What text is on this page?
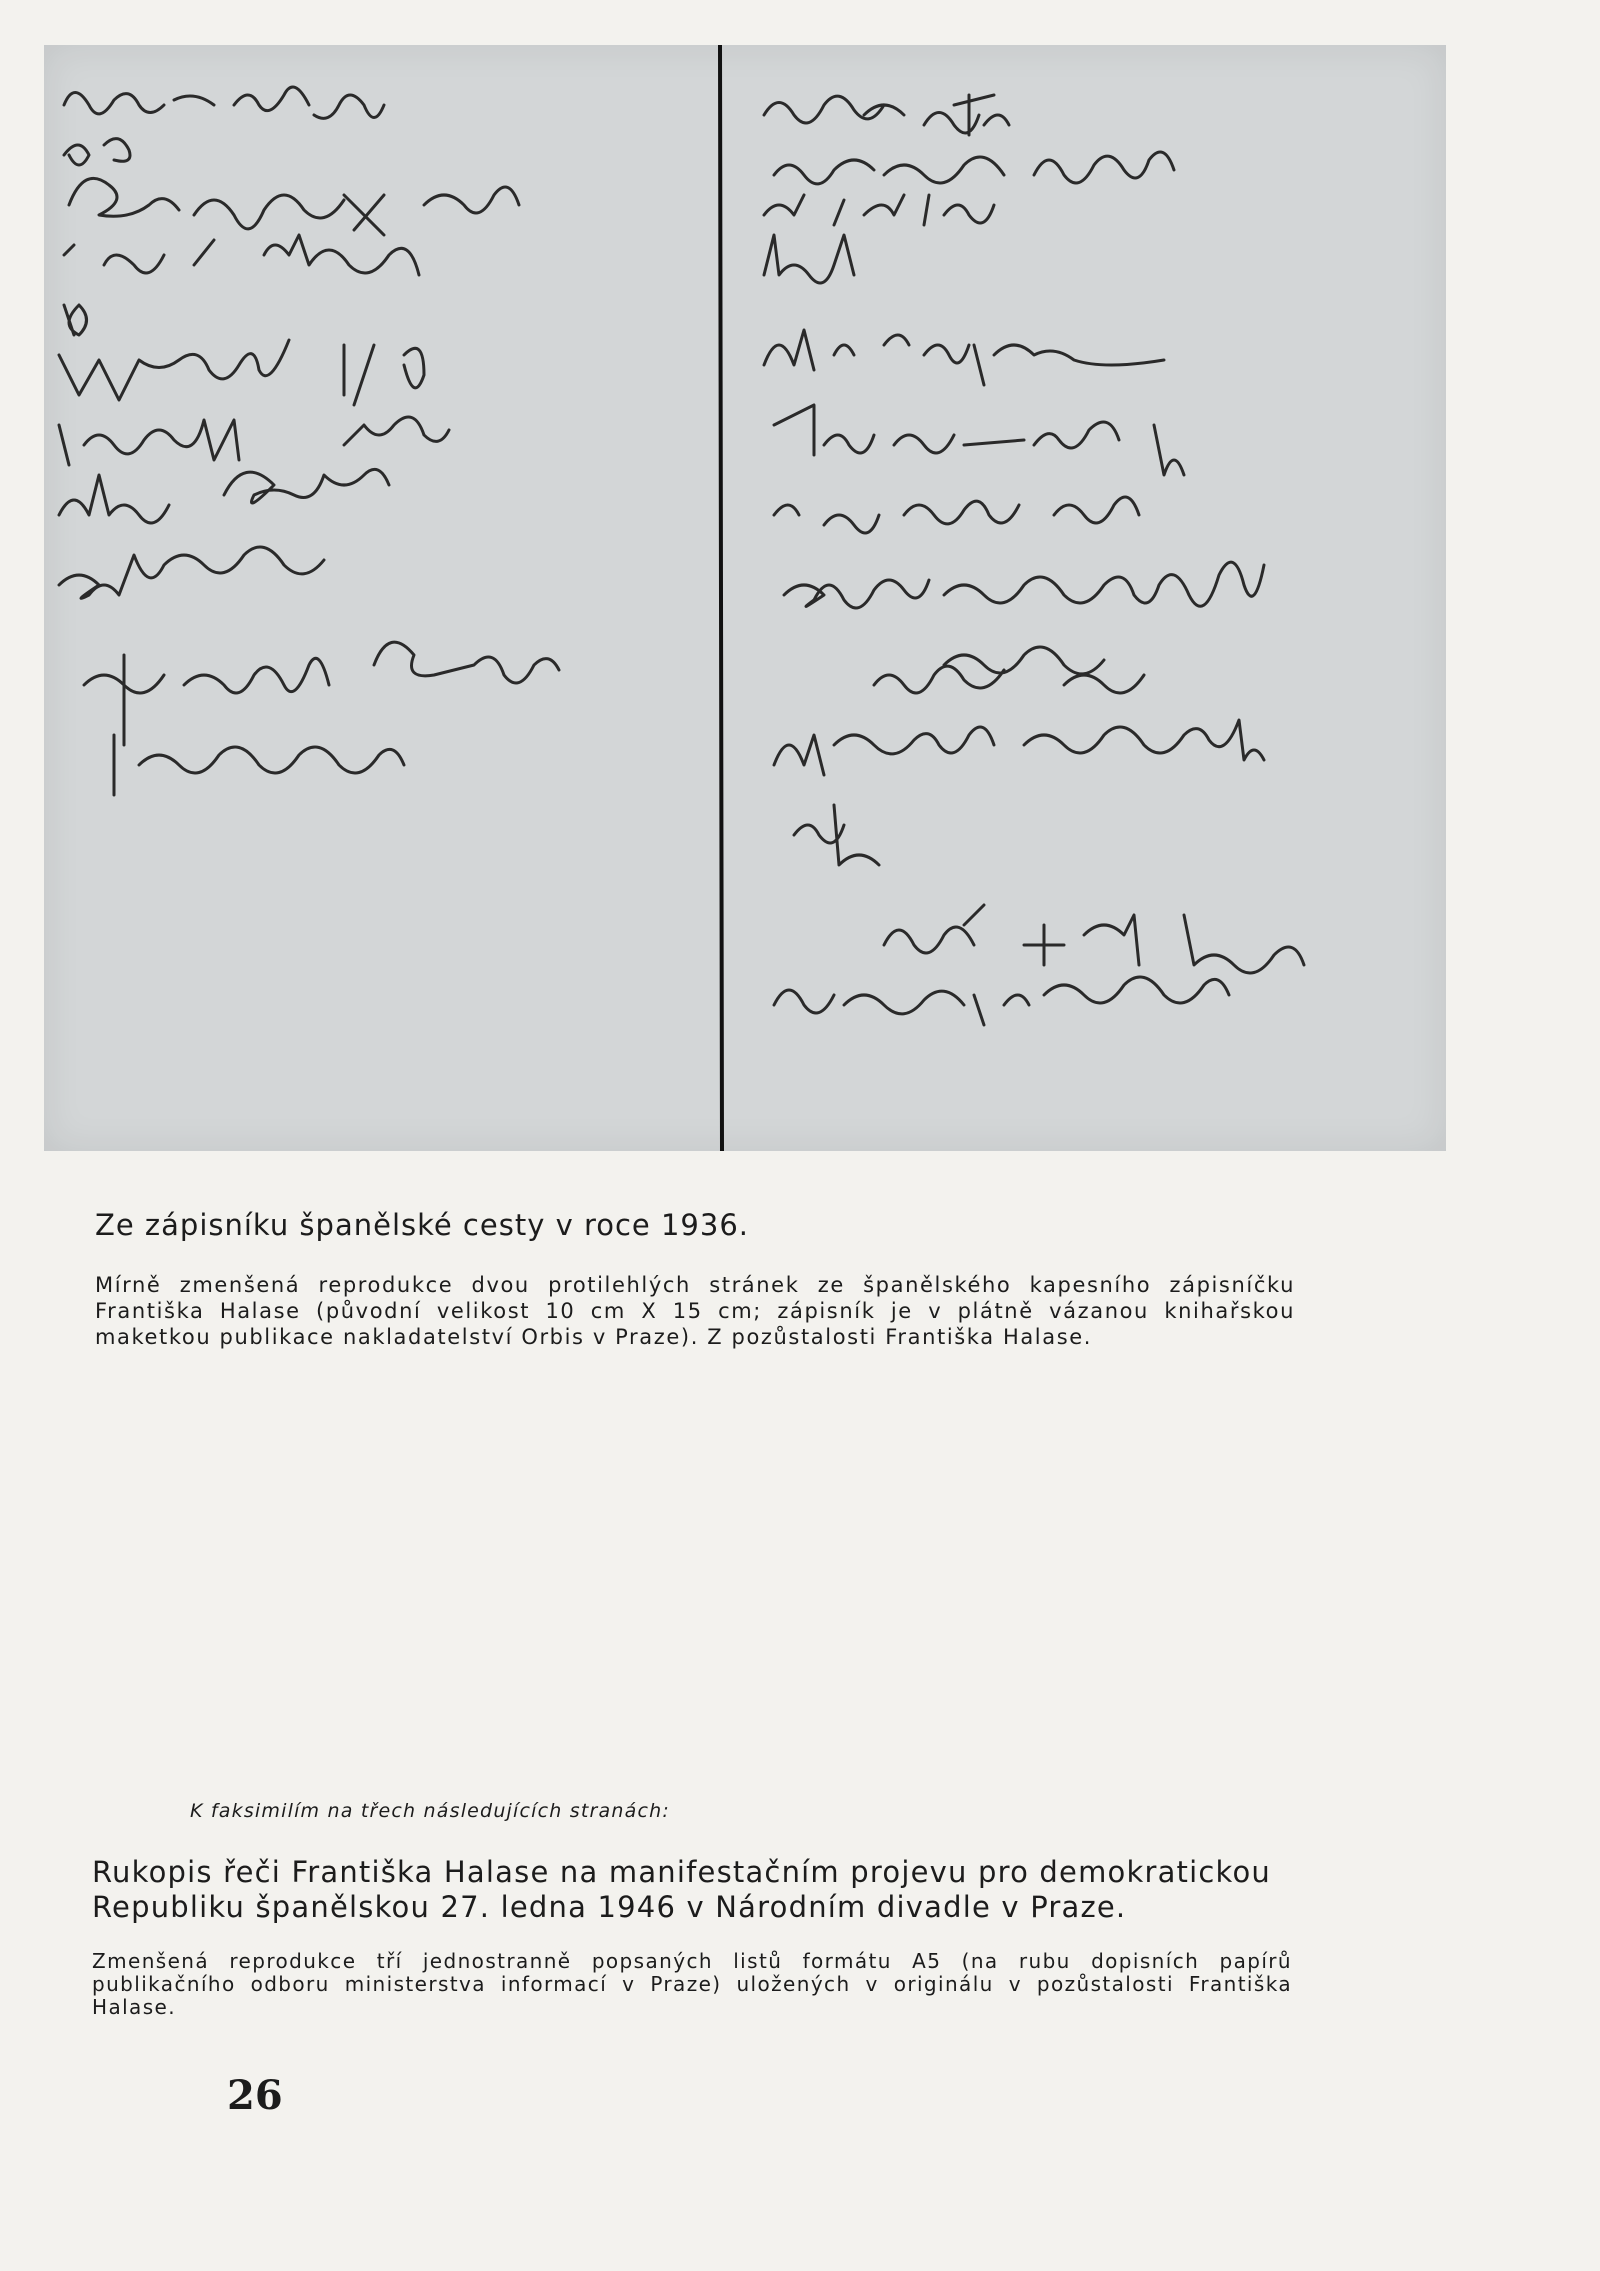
Ze zápisníku španělské cesty v roce 1936.
Mírně zmenšená reprodukce dvou protilehlých stránek ze španělského kapesního zápisníčku Františka Halase (původní velikost 10 cm X 15 cm; zápisník je v plátně vázanou knihařskou maketkou publikace nakladatelství Orbis v Praze). Z pozůstalosti Františka Halase.
K faksimilím na třech následujících stranách:
Rukopis řeči Františka Halase na manifestačním projevu pro demokratickou Republiku španělskou 27. ledna 1946 v Národním divadle v Praze.
Zmenšená reprodukce tří jednostranně popsaných listů formátu A5 (na rubu dopisních papírů publikačního odboru ministerstva informací v Praze) uložených v originálu v pozůstalosti Františka Halase.
26
